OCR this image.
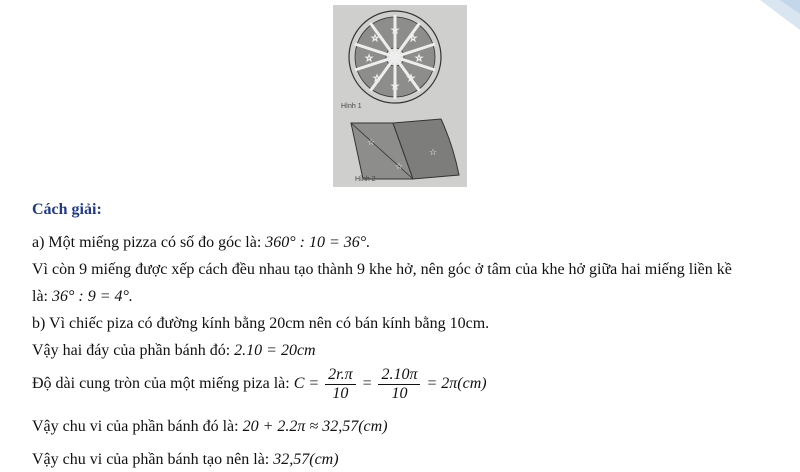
☆
☆
☆
☆
☆
☆
☆
☆
☆
☆
☆
Hình 1
Hình 2
Cách giải:
a) Một miếng pizza có số đo góc là: 360° : 10 = 36°.
Vì còn 9 miếng được xếp cách đều nhau tạo thành 9 khe hở, nên góc ở tâm của khe hở giữa hai miếng liền kề
là: 36° : 9 = 4°.
b) Vì chiếc piza có đường kính bằng 20cm nên có bán kính bằng 10cm.
Vậy hai đáy của phần bánh đó: 2.10 = 20cm
Độ dài cung tròn của một miếng piza là: $C = \frac{2r.\pi}{10} = \frac{2.10\pi}{10} = 2\pi(cm)$
Vậy chu vi của phần bánh đó là: 20 + 2.2π ≈ 32,57(cm)
Vậy chu vi của phần bánh tạo nên là: 32,57(cm)
